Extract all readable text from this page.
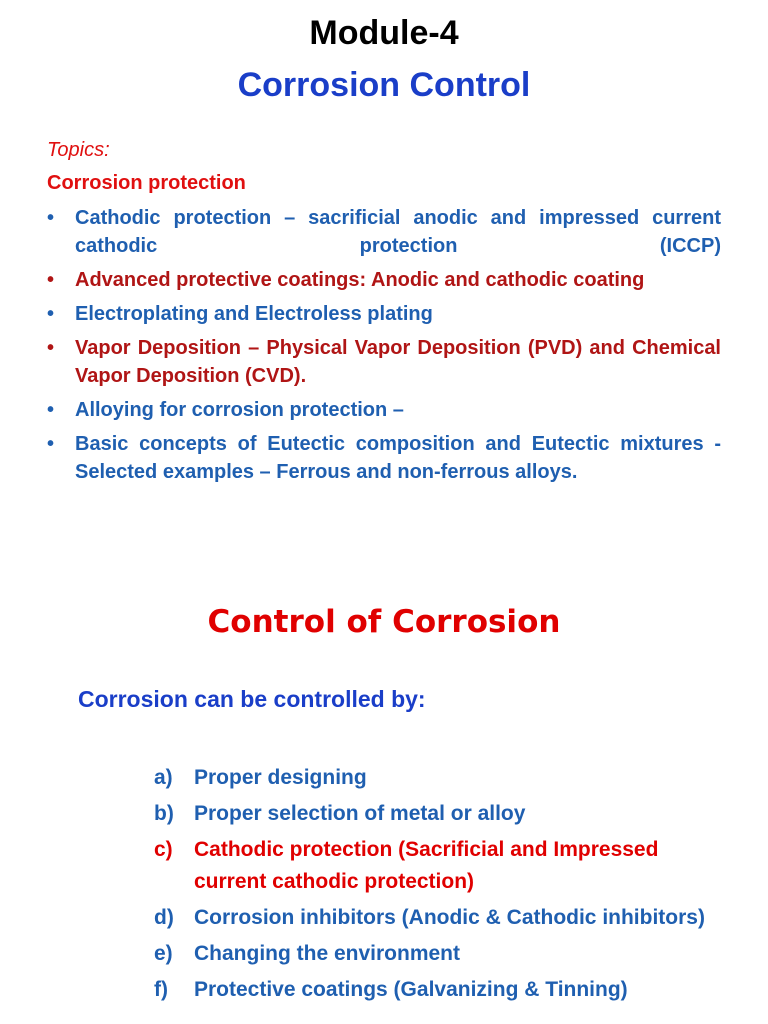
Module-4
Corrosion Control
Topics:
Corrosion protection
• Cathodic protection – sacrificial anodic and impressed current cathodic protection (ICCP)
• Advanced protective coatings: Anodic and cathodic coating
• Electroplating and Electroless plating
• Vapor Deposition – Physical Vapor Deposition (PVD) and Chemical Vapor Deposition (CVD).
• Alloying for corrosion protection –
• Basic concepts of Eutectic composition and Eutectic mixtures - Selected examples – Ferrous and non-ferrous alloys.
Control of Corrosion
Corrosion can be controlled by:
a) Proper designing
b) Proper selection of metal or alloy
c) Cathodic protection (Sacrificial and Impressed current cathodic protection)
d) Corrosion inhibitors (Anodic & Cathodic inhibitors)
e) Changing the environment
f) Protective coatings (Galvanizing & Tinning)
